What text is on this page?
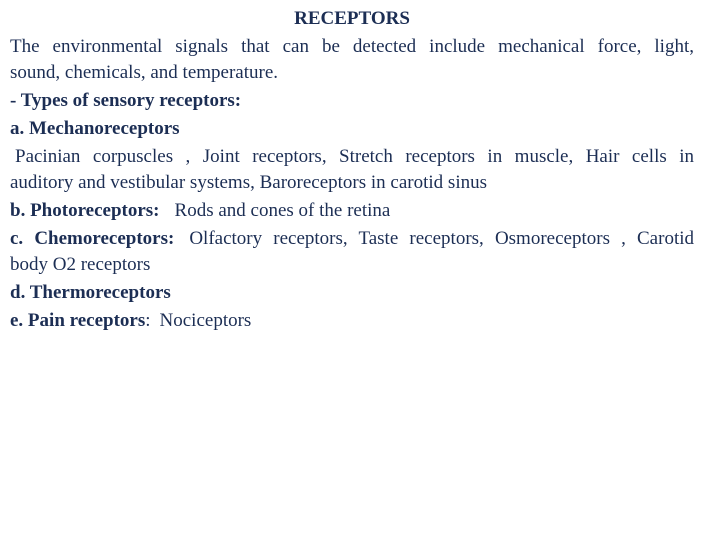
RECEPTORS
The environmental signals that can be detected include mechanical force, light,
sound, chemicals, and temperature.
- Types of sensory receptors:
a. Mechanoreceptors
Pacinian corpuscles , Joint receptors, Stretch receptors in muscle, Hair cells in
auditory and vestibular systems, Baroreceptors in carotid sinus
b. Photoreceptors: Rods and cones of the retina
c. Chemoreceptors: Olfactory receptors, Taste receptors, Osmoreceptors , Carotid
body O2 receptors
d. Thermoreceptors
e. Pain receptors: Nociceptors
